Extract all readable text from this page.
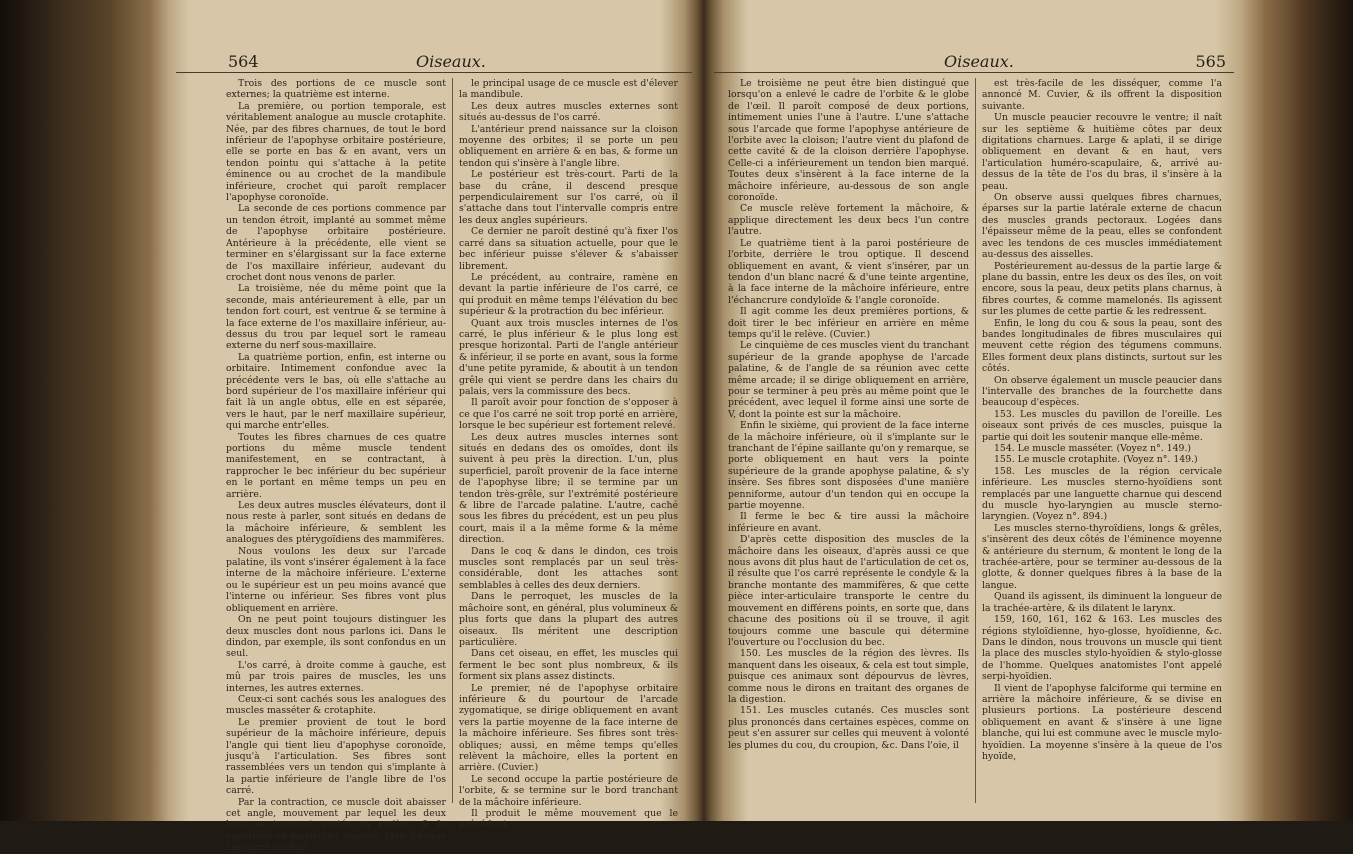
564	Oiseaux.

Trois des portions de ce muscle sont externes; la quatrième est interne.

La première, ou portion temporale, est véritablement analogue au muscle crotaphite. Née, par des fibres charnues, de tout le bord inférieur de l'apophyse orbitaire postérieure, elle se porte en bas & en avant, vers un tendon pointu qui s'attache à la petite éminence ou au crochet de la mandibule inférieure, crochet qui paroît remplacer l'apophyse coronoïde.

La seconde de ces portions commence par un tendon étroit, implanté au sommet même de l'apophyse orbitaire postérieure. Antérieure à la précédente, elle vient se terminer en s'élargissant sur la face externe de l'os maxillaire inférieur, audevant du crochet dont nous venons de parler.

La troisième, née du même point que la seconde, mais antérieurement à elle, par un tendon fort court, est ventrue & se termine à la face externe de l'os maxillaire inférieur, au-dessus du trou par lequel sort le rameau externe du nerf sous-maxillaire.

La quatrième portion, enfin, est interne ou orbitaire. Intimement confondue avec la précédente vers le bas, où elle s'attache au bord supérieur de l'os maxillaire inférieur qui fait là un angle obtus, elle en est séparée, vers le haut, par le nerf maxillaire supérieur, qui marche entr'elles.

Toutes les fibres charnues de ces quatre portions du même muscle tendent manifestement, en se contractant, à rapprocher le bec inférieur du bec supérieur en le portant en même temps un peu en arrière.

Les deux autres muscles élévateurs, dont il nous reste à parler, sont situés en dedans de la mâchoire inférieure, & semblent les analogues des ptérygoïdiens des mammifères.

Nous voulons les deux sur l'arcade palatine, ils vont s'insérer également à la face interne de la mâchoire inférieure. L'externe ou le supérieur est un peu moins avancé que l'interne ou inférieur. Ses fibres vont plus obliquement en arrière.

On ne peut point toujours distinguer les deux muscles dont nous parlons ici. Dans le dindon, par exemple, ils sont confondus en un seul.

L'os carré, à droite comme à gauche, est mû par trois paires de muscles, les uns internes, les autres externes.

Ceux-ci sont cachés sous les analogues des muscles masséter & crotaphite.

Le premier provient de tout le bord supérieur de la mâchoire inférieure, depuis l'angle qui tient lieu d'apophyse coronoïde, jusqu'à l'articulation. Ses fibres sont rassemblées vers un tendon qui s'implante à la partie inférieure de l'angle libre de l'os carré.

Par la contraction, ce muscle doit abaisser cet angle, mouvement par lequel les deux becs se trouvent portés en arrière, & le supérieur en particulier abaissé. Mais lorsque l'os carré est fixé,

le principal usage de ce muscle est d'élever la mandibule.

Les deux autres muscles externes sont situés au-dessus de l'os carré.

L'antérieur prend naissance sur la cloison moyenne des orbites; il se porte un peu obliquement en arrière & en bas, & forme un tendon qui s'insère à l'angle libre.

Le postérieur est très-court. Parti de la base du crâne, il descend presque perpendiculairement sur l'os carré, où il s'attache dans tout l'intervalle compris entre les deux angles supérieurs.

Ce dernier ne paroît destiné qu'à fixer l'os carré dans sa situation actuelle, pour que le bec inférieur puisse s'élever & s'abaisser librement.

Le précédent, au contraire, ramène en devant la partie inférieure de l'os carré, ce qui produit en même temps l'élévation du bec supérieur & la protraction du bec inférieur.

Quant aux trois muscles internes de l'os carré, le plus inférieur & le plus long est presque horizontal. Parti de l'angle antérieur & inférieur, il se porte en avant, sous la forme d'une petite pyramide, & aboutit à un tendon grêle qui vient se perdre dans les chairs du palais, vers la commissure des becs.

Il paroît avoir pour fonction de s'opposer à ce que l'os carré ne soit trop porté en arrière, lorsque le bec supérieur est fortement relevé.

Les deux autres muscles internes sont situés en dedans des os omoïdes, dont ils suivent à peu près la direction. L'un, plus superficiel, paroît provenir de la face interne de l'apophyse libre; il se termine par un tendon très-grêle, sur l'extrémité postérieure & libre de l'arcade palatine. L'autre, caché sous les fibres du précédent, est un peu plus court, mais il a la même forme & la même direction.

Dans le coq & dans le dindon, ces trois muscles sont remplacés par un seul très-considérable, dont les attaches sont semblables à celles des deux derniers.

Dans le perroquet, les muscles de la mâchoire sont, en général, plus volumineux & plus forts que dans la plupart des autres oiseaux. Ils méritent une description particulière.

Dans cet oiseau, en effet, les muscles qui ferment le bec sont plus nombreux, & ils forment six plans assez distincts.

Le premier, né de l'apophyse orbitaire inférieure & du pourtour de l'arcade zygomatique, se dirige obliquement en avant vers la partie moyenne de la face interne de la mâchoire inférieure. Ses fibres sont très-obliques; aussi, en même temps qu'elles relèvent la mâchoire, elles la portent en arrière. (Cuvier.)

Le second occupe la partie postérieure de l'orbite, & se termine sur le bord tranchant de la mâchoire inférieure.

Il produit le même mouvement que le précédent.

Oiseaux.	565

Le troisième ne peut être bien distingué que lorsqu'on a enlevé le cadre de l'orbite & le globe de l'œil. Il paroît composé de deux portions, intimement unies l'une à l'autre. L'une s'attache sous l'arcade que forme l'apophyse antérieure de l'orbite avec la cloison; l'autre vient du plafond de cette cavité & de la cloison derrière l'apophyse. Celle-ci a inférieurement un tendon bien marqué. Toutes deux s'insèrent à la face interne de la mâchoire inférieure, au-dessous de son angle coronoïde.

Ce muscle relève fortement la mâchoire, & applique directement les deux becs l'un contre l'autre.

Le quatrième tient à la paroi postérieure de l'orbite, derrière le trou optique. Il descend obliquement en avant, & vient s'insérer, par un tendon d'un blanc nacré & d'une teinte argentine, à la face interne de la mâchoire inférieure, entre l'échancrure condyloïde & l'angle coronoïde.

Il agit comme les deux premières portions, & doit tirer le bec inférieur en arrière en même temps qu'il le relève. (Cuvier.)

Le cinquième de ces muscles vient du tranchant supérieur de la grande apophyse de l'arcade palatine, & de l'angle de sa réunion avec cette même arcade; il se dirige obliquement en arrière, pour se terminer à peu près au même point que le précédent, avec lequel il forme ainsi une sorte de V, dont la pointe est sur la mâchoire.

Enfin le sixième, qui provient de la face interne de la mâchoire inférieure, où il s'implante sur le tranchant de l'épine saillante qu'on y remarque, se porte obliquement en haut vers la pointe supérieure de la grande apophyse palatine, & s'y insère. Ses fibres sont disposées d'une manière penniforme, autour d'un tendon qui en occupe la partie moyenne.

Il ferme le bec & tire aussi la mâchoire inférieure en avant.

D'après cette disposition des muscles de la mâchoire dans les oiseaux, d'après aussi ce que nous avons dit plus haut de l'articulation de cet os, il résulte que l'os carré représente le condyle & la branche montante des mammifères, & que cette pièce inter-articulaire transporte le centre du mouvement en différens points, en sorte que, dans chacune des positions où il se trouve, il agit toujours comme une bascule qui détermine l'ouverture ou l'occlusion du bec.

150. Les muscles de la région des lèvres. Ils manquent dans les oiseaux, & cela est tout simple, puisque ces animaux sont dépourvus de lèvres, comme nous le dirons en traitant des organes de la digestion.

151. Les muscles cutanés. Ces muscles sont plus prononcés dans certaines espèces, comme on peut s'en assurer sur celles qui meuvent à volonté les plumes du cou, du croupion, &c. Dans l'oie, il

est très-facile de les disséquer, comme l'a annoncé M. Cuvier, & ils offrent la disposition suivante.

Un muscle peaucier recouvre le ventre; il naît sur les septième & huitième côtes par deux digitations charnues. Large & aplati, il se dirige obliquement en devant & en haut, vers l'articulation huméro-scapulaire, &, arrivé au-dessus de la tête de l'os du bras, il s'insère à la peau.

On observe aussi quelques fibres charnues, éparses sur la partie latérale externe de chacun des muscles grands pectoraux. Logées dans l'épaisseur même de la peau, elles se confondent avec les tendons de ces muscles immédiatement au-dessus des aisselles.

Postérieurement au-dessus de la partie large & plane du bassin, entre les deux os des îles, on voit encore, sous la peau, deux petits plans charnus, à fibres courtes, & comme mamelonés. Ils agissent sur les plumes de cette partie & les redressent.

Enfin, le long du cou & sous la peau, sont des bandes longitudinales de fibres musculaires qui meuvent cette région des tégumens communs. Elles forment deux plans distincts, surtout sur les côtés.

On observe également un muscle peaucier dans l'intervalle des branches de la fourchette dans beaucoup d'espèces.

153. Les muscles du pavillon de l'oreille. Les oiseaux sont privés de ces muscles, puisque la partie qui doit les soutenir manque elle-même.

154. Le muscle masséter. (Voyez n°. 149.)

155. Le muscle crotaphite. (Voyez n°. 149.)

158. Les muscles de la région cervicale inférieure. Les muscles sterno-hyoïdiens sont remplacés par une languette charnue qui descend du muscle hyo-laryngien au muscle sterno-laryngien. (Voyez n°. 894.)

Les muscles sterno-thyroïdiens, longs & grêles, s'insèrent des deux côtés de l'éminence moyenne & antérieure du sternum, & montent le long de la trachée-artère, pour se terminer au-dessous de la glotte, & donner quelques fibres à la base de la langue.

Quand ils agissent, ils diminuent la longueur de la trachée-artère, & ils dilatent le larynx.

159, 160, 161, 162 & 163. Les muscles des régions styloïdienne, hyo-glosse, hyoïdienne, &c. Dans le dindon, nous trouvons un muscle qui tient la place des muscles stylo-hyoïdien & stylo-glosse de l'homme. Quelques anatomistes l'ont appelé serpi-hyoïdien.

Il vient de l'apophyse falciforme qui termine en arrière la mâchoire inférieure, & se divise en plusieurs portions. La postérieure descend obliquement en avant & s'insère à une ligne blanche, qui lui est commune avec le muscle mylo-hyoïdien. La moyenne s'insère à la queue de l'os hyoïde,
